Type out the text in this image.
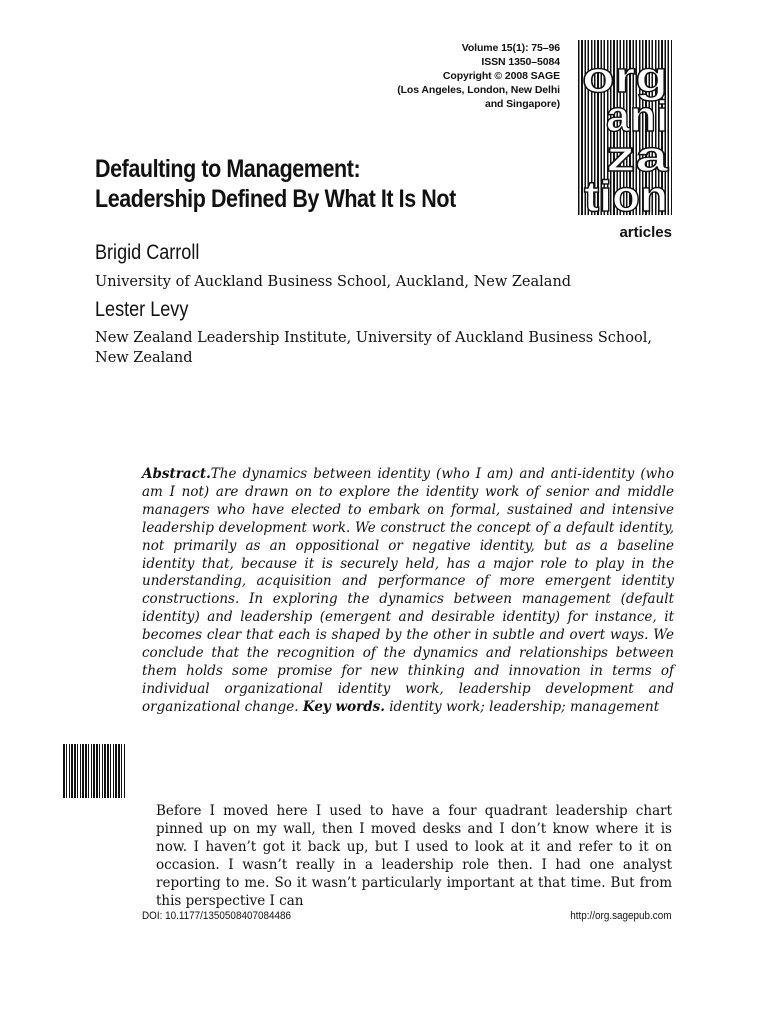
Volume 15(1): 75–96
ISSN 1350–5084
Copyright © 2008 SAGE
(Los Angeles, London, New Delhi
and Singapore)
org
ani
za
tion
articles
Defaulting to Management:
Leadership Defined By What It Is Not
Brigid Carroll
University of Auckland Business School, Auckland, New Zealand
Lester Levy
New Zealand Leadership Institute, University of Auckland Business School,
New Zealand
Abstract.The dynamics between identity (who I am) and anti-identity (who am I not) are drawn on to explore the identity work of senior and middle managers who have elected to embark on formal, sustained and intensive leadership development work. We construct the concept of a default identity, not primarily as an oppositional or negative identity, but as a baseline identity that, because it is securely held, has a major role to play in the understanding, acquisition and performance of more emergent identity constructions. In exploring the dynamics between management (default identity) and leadership (emergent and desirable identity) for instance, it becomes clear that each is shaped by the other in subtle and overt ways. We conclude that the recognition of the dynamics and relationships between them holds some promise for new thinking and innovation in terms of individual organizational identity work, leadership development and organizational change. Key words. identity work; leadership; management
Before I moved here I used to have a four quadrant leadership chart pinned up on my wall, then I moved desks and I don’t know where it is now. I haven’t got it back up, but I used to look at it and refer to it on occasion. I wasn’t really in a leadership role then. I had one analyst reporting to me. So it wasn’t particularly important at that time. But from this perspective I can
DOI: 10.1177/1350508407084486	http://org.sagepub.com
